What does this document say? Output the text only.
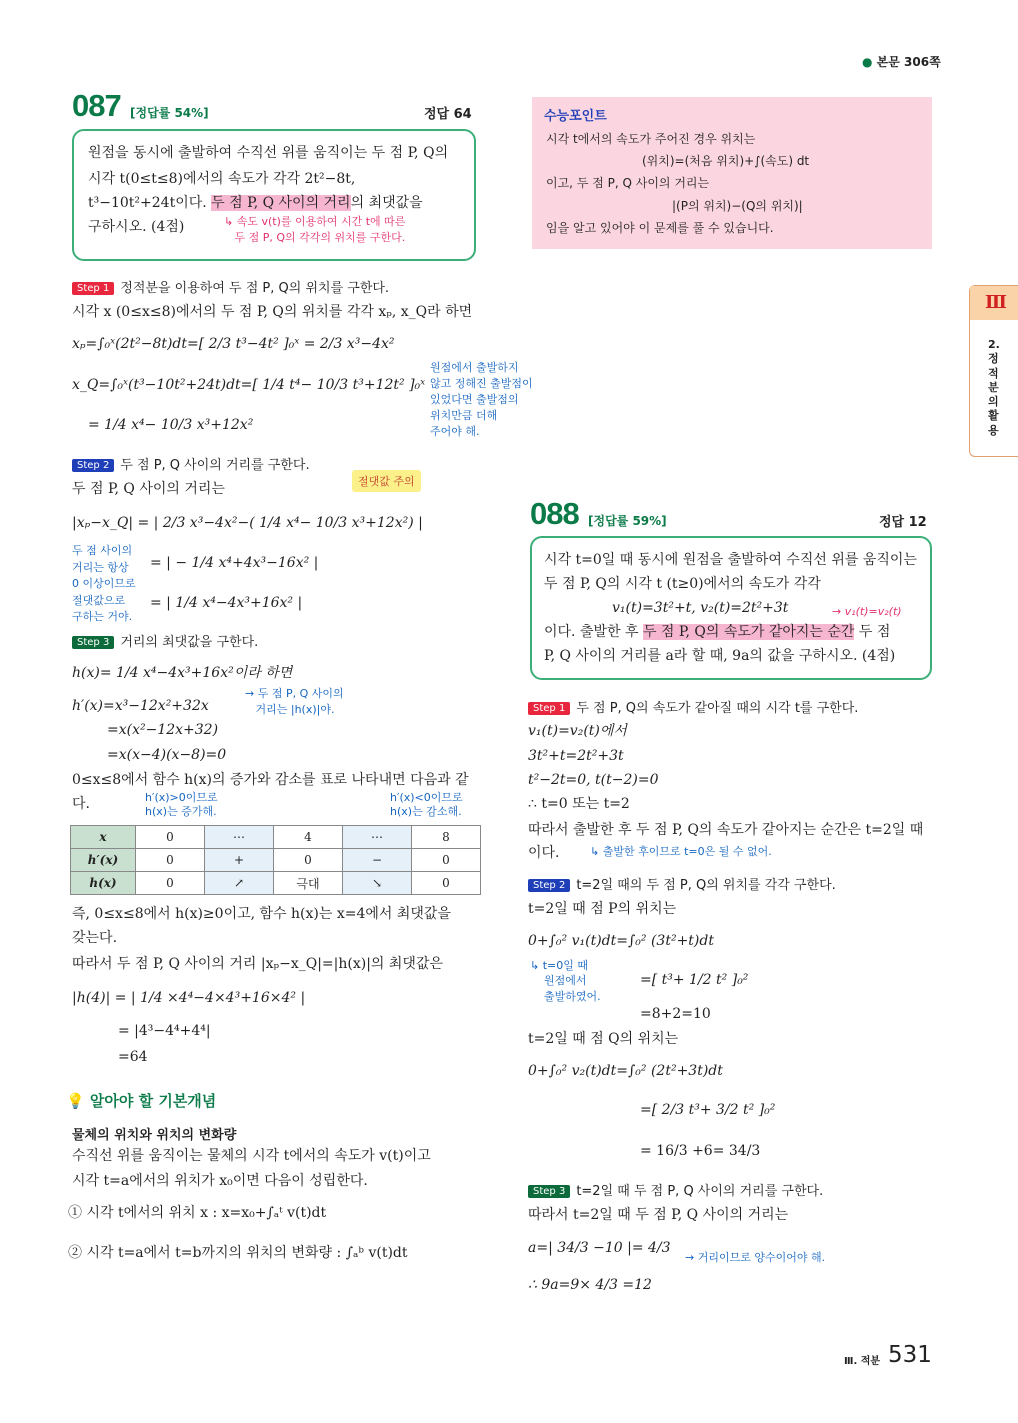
● 본문 306쪽
087 [정답률 54%]	정답 64
원점을 동시에 출발하여 수직선 위를 움직이는 두 점 P, Q의
시각 t(0≤t≤8)에서의 속도가 각각 2t²−8t,
t³−10t²+24t이다. 두 점 P, Q 사이의 거리의 최댓값을
구하시오. (4점)	↳ 속도 v(t)를 이용하여 시간 t에 따른
두 점 P, Q의 각각의 위치를 구한다.
Step 1 정적분을 이용하여 두 점 P, Q의 위치를 구한다.
시각 x (0≤x≤8)에서의 두 점 P, Q의 위치를 각각 xₚ, x_Q라 하면
xₚ=∫₀ˣ(2t²−8t)dt=[ 2/3 t³−4t² ]₀ˣ = 2/3 x³−4x²
x_Q=∫₀ˣ(t³−10t²+24t)dt=[ 1/4 t⁴− 10/3 t³+12t² ]₀ˣ
= 1/4 x⁴− 10/3 x³+12x²
원점에서 출발하지
않고 정해진 출발점이
있었다면 출발점의
위치만큼 더해
주어야 해.
Step 2 두 점 P, Q 사이의 거리를 구한다.
두 점 P, Q 사이의 거리는	절댓값 주의
|xₚ−x_Q| = | 2/3 x³−4x²−( 1/4 x⁴− 10/3 x³+12x²) |
= | − 1/4 x⁴+4x³−16x² |
= | 1/4 x⁴−4x³+16x² |
두 점 사이의
거리는 항상
0 이상이므로
절댓값으로
구하는 거야.
Step 3 거리의 최댓값을 구한다.
h(x)= 1/4 x⁴−4x³+16x²이라 하면
h′(x)=x³−12x²+32x
=x(x²−12x+32)
=x(x−4)(x−8)=0
0≤x≤8에서 함수 h(x)의 증가와 감소를 표로 나타내면 다음과 같
다.
→ 두 점 P, Q 사이의
거리는 |h(x)|야.
h′(x)>0이므로
h(x)는 증가해.
h′(x)<0이므로
h(x)는 감소해.
x	0	⋯	4	⋯	8
h′(x)	0	+	0	−	0
h(x)	0	↗	극대	↘	0
즉, 0≤x≤8에서 h(x)≥0이고, 함수 h(x)는 x=4에서 최댓값을
갖는다.
따라서 두 점 P, Q 사이의 거리 |xₚ−x_Q|=|h(x)|의 최댓값은
|h(4)| = | 1/4 ×4⁴−4×4³+16×4² |
= |4³−4⁴+4⁴|
=64
💡 알아야 할 기본개념
물체의 위치와 위치의 변화량
수직선 위를 움직이는 물체의 시각 t에서의 속도가 v(t)이고
시각 t=a에서의 위치가 x₀이면 다음이 성립한다.
① 시각 t에서의 위치 x : x=x₀+∫ₐᵗ v(t)dt
② 시각 t=a에서 t=b까지의 위치의 변화량 : ∫ₐᵇ v(t)dt
수능포인트
시각 t에서의 속도가 주어진 경우 위치는
(위치)=(처음 위치)+∫(속도) dt
이고, 두 점 P, Q 사이의 거리는
|(P의 위치)−(Q의 위치)|
임을 알고 있어야 이 문제를 풀 수 있습니다.
Ⅲ
2. 정적분의 활용
088 [정답률 59%]	정답 12
시각 t=0일 때 동시에 원점을 출발하여 수직선 위를 움직이는
두 점 P, Q의 시각 t (t≥0)에서의 속도가 각각
v₁(t)=3t²+t, v₂(t)=2t²+3t	→ v₁(t)=v₂(t)
이다. 출발한 후 두 점 P, Q의 속도가 같아지는 순간 두 점
P, Q 사이의 거리를 a라 할 때, 9a의 값을 구하시오. (4점)
Step 1 두 점 P, Q의 속도가 같아질 때의 시각 t를 구한다.
v₁(t)=v₂(t)에서
3t²+t=2t²+3t
t²−2t=0, t(t−2)=0
∴ t=0 또는 t=2
따라서 출발한 후 두 점 P, Q의 속도가 같아지는 순간은 t=2일 때
이다.	↳ 출발한 후이므로 t=0은 될 수 없어.
Step 2 t=2일 때의 두 점 P, Q의 위치를 각각 구한다.
t=2일 때 점 P의 위치는
0+∫₀² v₁(t)dt=∫₀² (3t²+t)dt
=[ t³+ 1/2 t² ]₀²
=8+2=10
↳ t=0일 때
원점에서
출발하였어.
t=2일 때 점 Q의 위치는
0+∫₀² v₂(t)dt=∫₀² (2t²+3t)dt
=[ 2/3 t³+ 3/2 t² ]₀²
= 16/3 +6= 34/3
Step 3 t=2일 때 두 점 P, Q 사이의 거리를 구한다.
따라서 t=2일 때 두 점 P, Q 사이의 거리는
a=| 34/3 −10 |= 4/3
→ 거리이므로 양수이어야 해.
∴ 9a=9× 4/3 =12
Ⅲ. 적분 531
